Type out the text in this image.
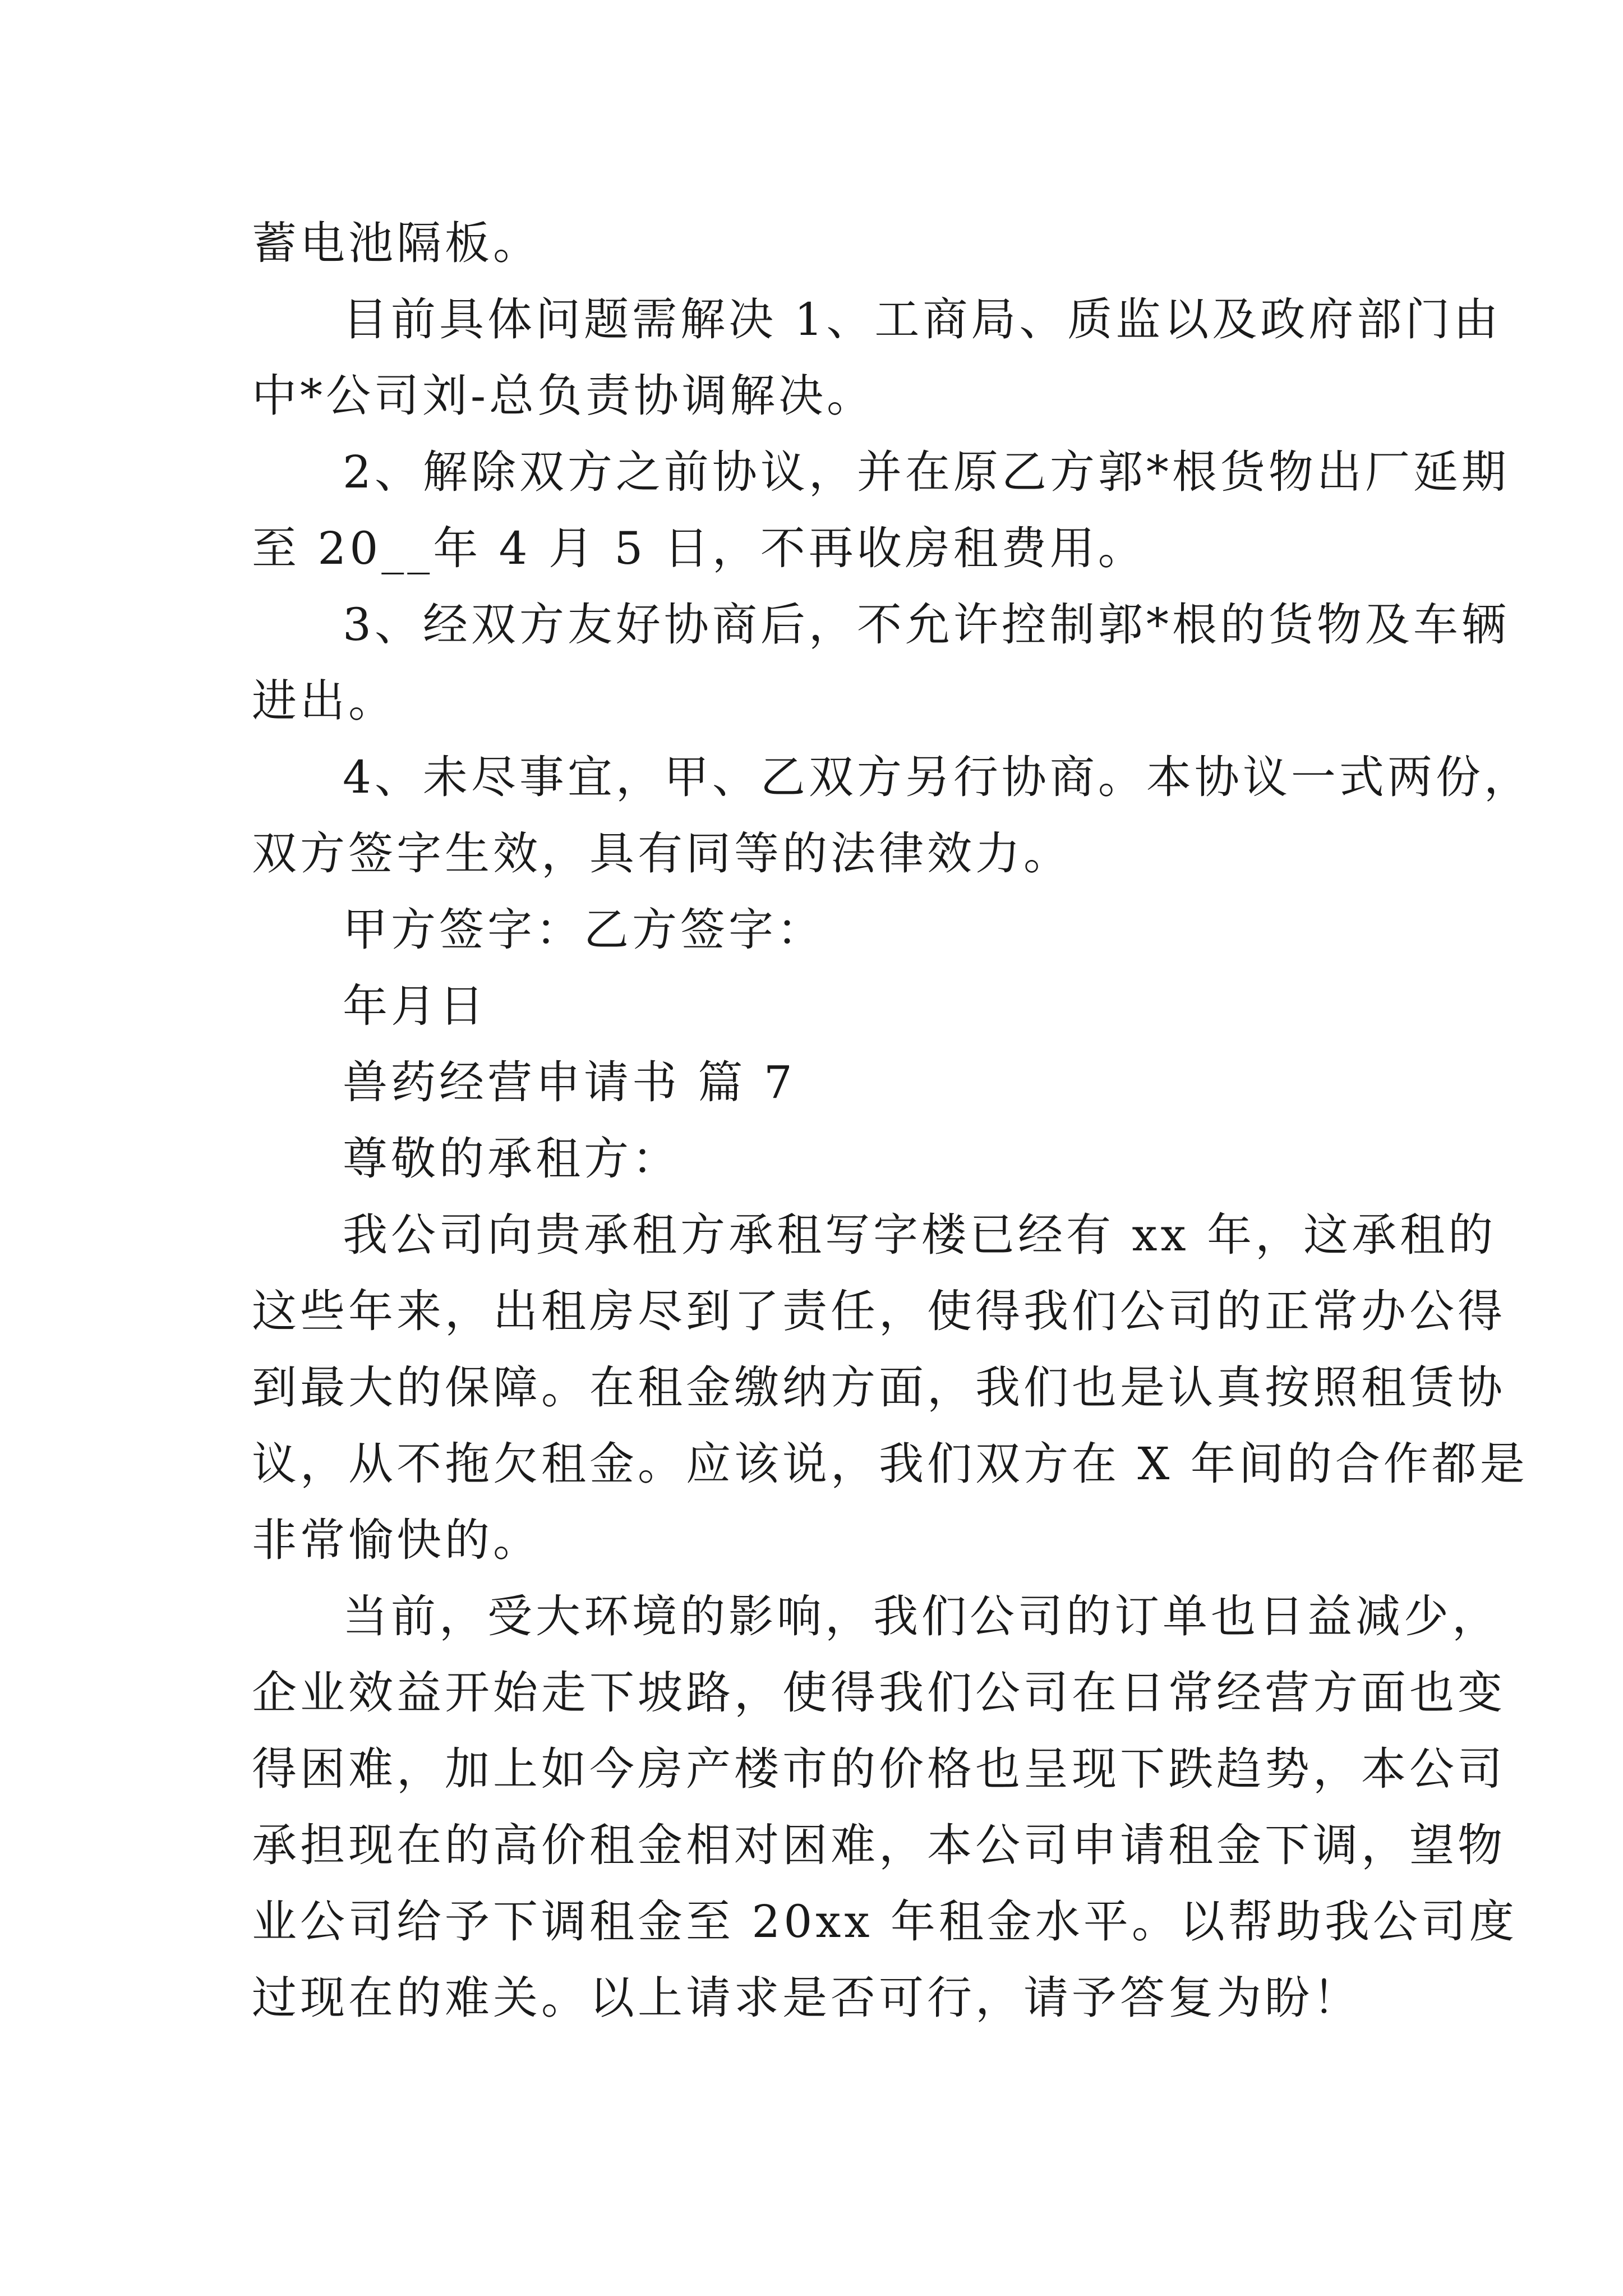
蓄电池隔板。

目前具体问题需解决 1、工商局、质监以及政府部门由

中*公司刘-总负责协调解决。

2、解除双方之前协议，并在原乙方郭*根货物出厂延期

至 20__年 4 月 5 日，不再收房租费用。

3、经双方友好协商后，不允许控制郭*根的货物及车辆

进出。

4、未尽事宜，甲、乙双方另行协商。本协议一式两份，

双方签字生效，具有同等的法律效力。

甲方签字：乙方签字：

年月日

兽药经营申请书 篇 7

尊敬的承租方：

我公司向贵承租方承租写字楼已经有 xx 年，这承租的

这些年来，出租房尽到了责任，使得我们公司的正常办公得

到最大的保障。在租金缴纳方面，我们也是认真按照租赁协

议，从不拖欠租金。应该说，我们双方在 X 年间的合作都是

非常愉快的。

当前，受大环境的影响，我们公司的订单也日益减少，

企业效益开始走下坡路，使得我们公司在日常经营方面也变

得困难，加上如今房产楼市的价格也呈现下跌趋势，本公司

承担现在的高价租金相对困难，本公司申请租金下调，望物

业公司给予下调租金至 20xx 年租金水平。以帮助我公司度

过现在的难关。以上请求是否可行，请予答复为盼！
